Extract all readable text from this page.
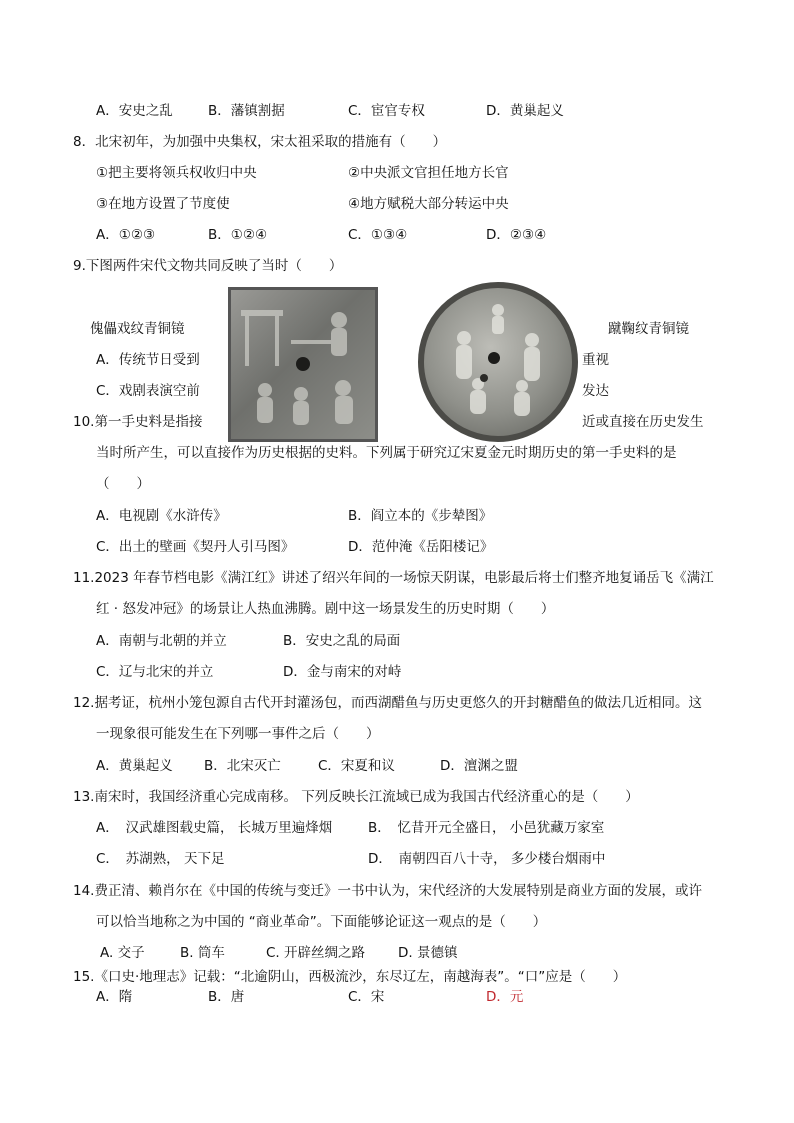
A．安史之乱	B．藩镇割据	C．宦官专权	D．黄巢起义
8．北宋初年，为加强中央集权，宋太祖采取的措施有（　　）
①把主要将领兵权收归中央	②中央派文官担任地方长官
③在地方设置了节度使	④地方赋税大部分转运中央
A．①②③	B．①②④	C．①③④	D．②③④
9.下图两件宋代文物共同反映了当时（　　）
傀儡戏纹青铜镜	蹴鞠纹青铜镜
A．传统节日受到	重视
C．戏剧表演空前	发达
10.第一手史料是指接	近或直接在历史发生
当时所产生，可以直接作为历史根据的史料。下列属于研究辽宋夏金元时期历史的第一手史料的是
（　　）
A．电视剧《水浒传》	B．阎立本的《步辇图》
C．出土的壁画《契丹人引马图》	D．范仲淹《岳阳楼记》
11.2023 年春节档电影《满江红》讲述了绍兴年间的一场惊天阴谋，电影最后将士们整齐地复诵岳飞《满江
红 · 怒发冲冠》的场景让人热血沸腾。剧中这一场景发生的历史时期（　　）
A．南朝与北朝的并立	B．安史之乱的局面
C．辽与北宋的并立	D．金与南宋的对峙
12.据考证，杭州小笼包源自古代开封灌汤包，而西湖醋鱼与历史更悠久的开封糖醋鱼的做法几近相同。这
一现象很可能发生在下列哪一事件之后（　　）
A．黄巢起义 B．北宋灭亡	C．宋夏和议	D．澶渊之盟
13.南宋时，我国经济重心完成南移。 下列反映长江流域已成为我国古代经济重心的是（　　）
A．　汉武雄图载史篇， 长城万里遍烽烟	B．　忆昔开元全盛日， 小邑犹藏万家室
C．　苏湖熟， 天下足	D．　南朝四百八十寺， 多少楼台烟雨中
14.费正清、赖肖尔在《中国的传统与变迁》一书中认为，宋代经济的大发展特别是商业方面的发展，或许
可以恰当地称之为中国的 “商业革命”。下面能够论证这一观点的是（　　）
A. 交子	B. 筒车	C. 开辟丝绸之路 D. 景德镇
15.《口史·地理志》记载：“北逾阴山，西极流沙，东尽辽左，南越海表”。“口”应是（　　）
A．隋	B．唐	C．宋	D．元
